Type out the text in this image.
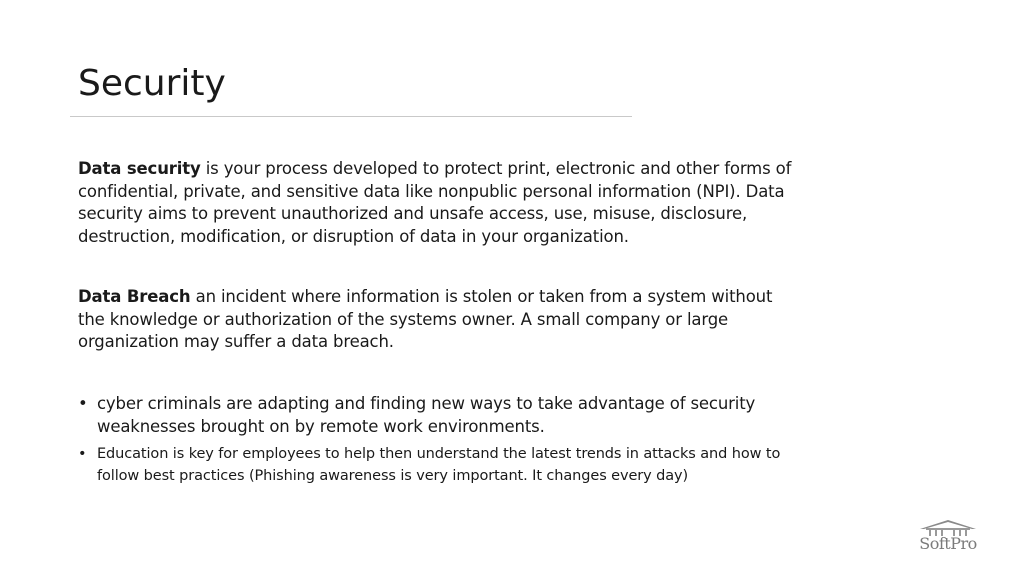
Security

Data security is your process developed to protect print, electronic and other forms of confidential, private, and sensitive data like nonpublic personal information (NPI). Data security aims to prevent unauthorized and unsafe access, use, misuse, disclosure, destruction, modification, or disruption of data in your organization.

Data Breach an incident where information is stolen or taken from a system without the knowledge or authorization of the systems owner. A small company or large organization may suffer a data breach.

• cyber criminals are adapting and finding new ways to take advantage of security weaknesses brought on by remote work environments.
• Education is key for employees to help then understand the latest trends in attacks and how to follow best practices (Phishing awareness is very important. It changes every day)
SoftPro
